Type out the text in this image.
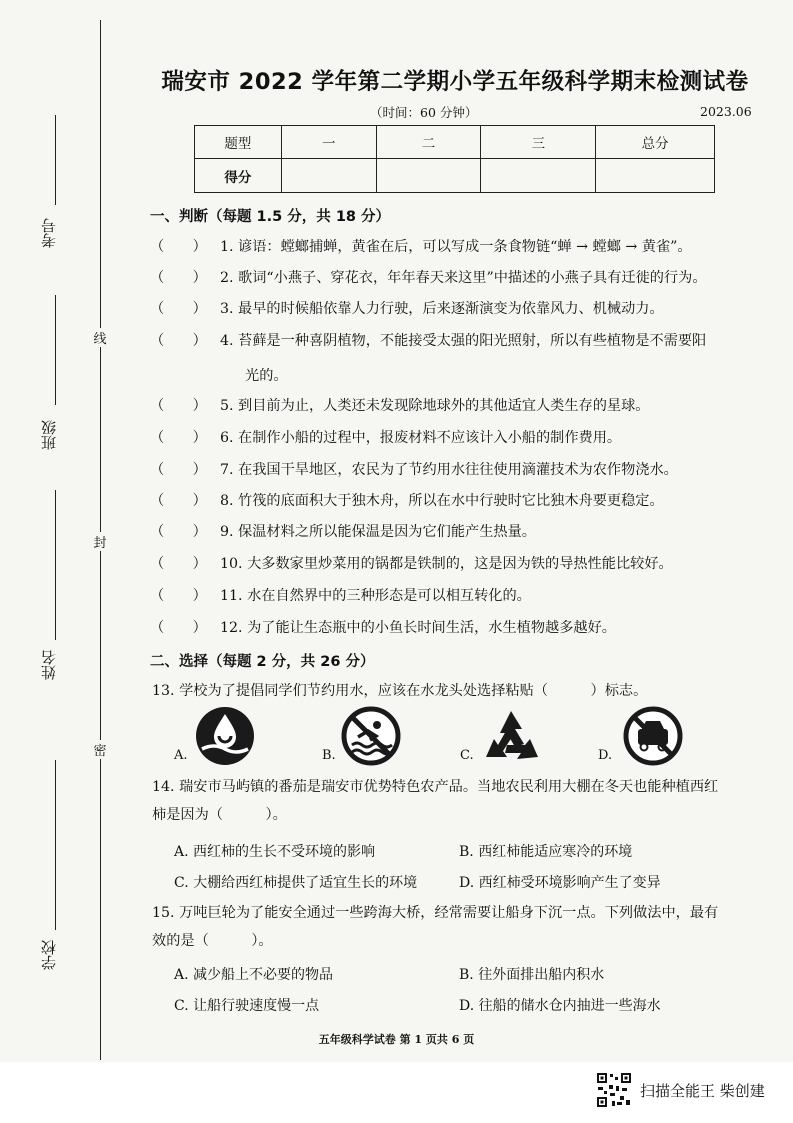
线
封
密
考号
班级
姓名
学校
瑞安市 2022 学年第二学期小学五年级科学期末检测试卷
（时间：60 分钟）	2023.06
题型	一	二	三	总分
得分				
一、判断（每题 1.5 分，共 18 分）
（　　） 1. 谚语：螳螂捕蝉，黄雀在后，可以写成一条食物链“蝉 → 螳螂 → 黄雀”。
（　　） 2. 歌词“小燕子、穿花衣，年年春天来这里”中描述的小燕子具有迁徙的行为。
（　　） 3. 最早的时候船依靠人力行驶，后来逐渐演变为依靠风力、机械动力。
（　　） 4. 苔藓是一种喜阴植物，不能接受太强的阳光照射，所以有些植物是不需要阳
光的。
（　　） 5. 到目前为止，人类还未发现除地球外的其他适宜人类生存的星球。
（　　） 6. 在制作小船的过程中，报废材料不应该计入小船的制作费用。
（　　） 7. 在我国干旱地区，农民为了节约用水往往使用滴灌技术为农作物浇水。
（　　） 8. 竹筏的底面积大于独木舟，所以在水中行驶时它比独木舟要更稳定。
（　　） 9. 保温材料之所以能保温是因为它们能产生热量。
（　　） 10. 大多数家里炒菜用的锅都是铁制的，这是因为铁的导热性能比较好。
（　　） 11. 水在自然界中的三种形态是可以相互转化的。
（　　） 12. 为了能让生态瓶中的小鱼长时间生活，水生植物越多越好。
二、选择（每题 2 分，共 26 分）
13. 学校为了提倡同学们节约用水，应该在水龙头处选择粘贴（　　　）标志。
A.	B.	C.	D.
14. 瑞安市马屿镇的番茄是瑞安市优势特色农产品。当地农民利用大棚在冬天也能种植西红
柿是因为（　　　）。
A. 西红柿的生长不受环境的影响	B. 西红柿能适应寒冷的环境
C. 大棚给西红柿提供了适宜生长的环境	D. 西红柿受环境影响产生了变异
15. 万吨巨轮为了能安全通过一些跨海大桥，经常需要让船身下沉一点。下列做法中，最有
效的是（　　　）。
A. 减少船上不必要的物品	B. 往外面排出船内积水
C. 让船行驶速度慢一点	D. 往船的储水仓内抽进一些海水
五年级科学试卷 第 1 页共 6 页
扫描全能王 柴创建
